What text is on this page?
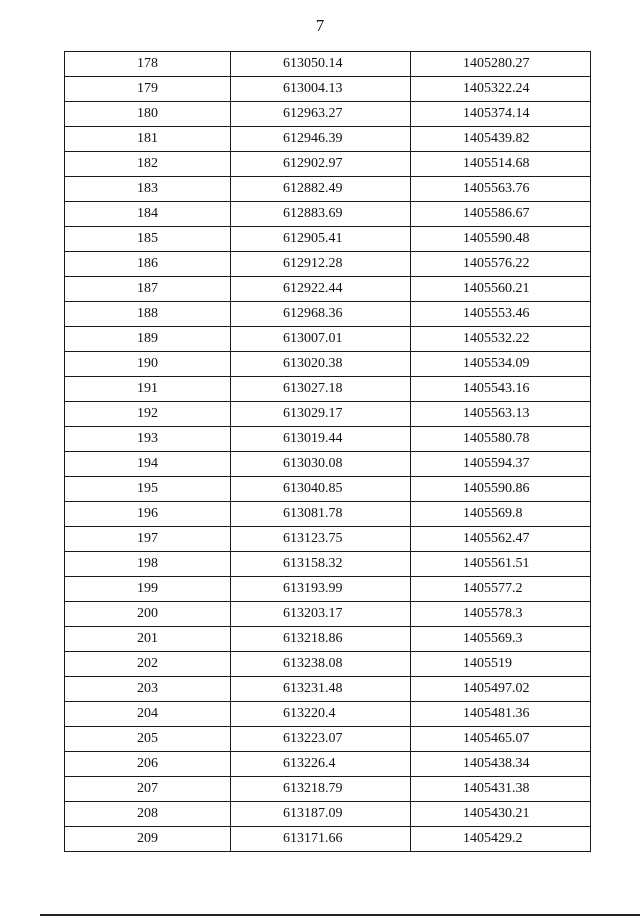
7
178	613050.14	1405280.27
179	613004.13	1405322.24
180	612963.27	1405374.14
181	612946.39	1405439.82
182	612902.97	1405514.68
183	612882.49	1405563.76
184	612883.69	1405586.67
185	612905.41	1405590.48
186	612912.28	1405576.22
187	612922.44	1405560.21
188	612968.36	1405553.46
189	613007.01	1405532.22
190	613020.38	1405534.09
191	613027.18	1405543.16
192	613029.17	1405563.13
193	613019.44	1405580.78
194	613030.08	1405594.37
195	613040.85	1405590.86
196	613081.78	1405569.8
197	613123.75	1405562.47
198	613158.32	1405561.51
199	613193.99	1405577.2
200	613203.17	1405578.3
201	613218.86	1405569.3
202	613238.08	1405519
203	613231.48	1405497.02
204	613220.4	1405481.36
205	613223.07	1405465.07
206	613226.4	1405438.34
207	613218.79	1405431.38
208	613187.09	1405430.21
209	613171.66	1405429.2
